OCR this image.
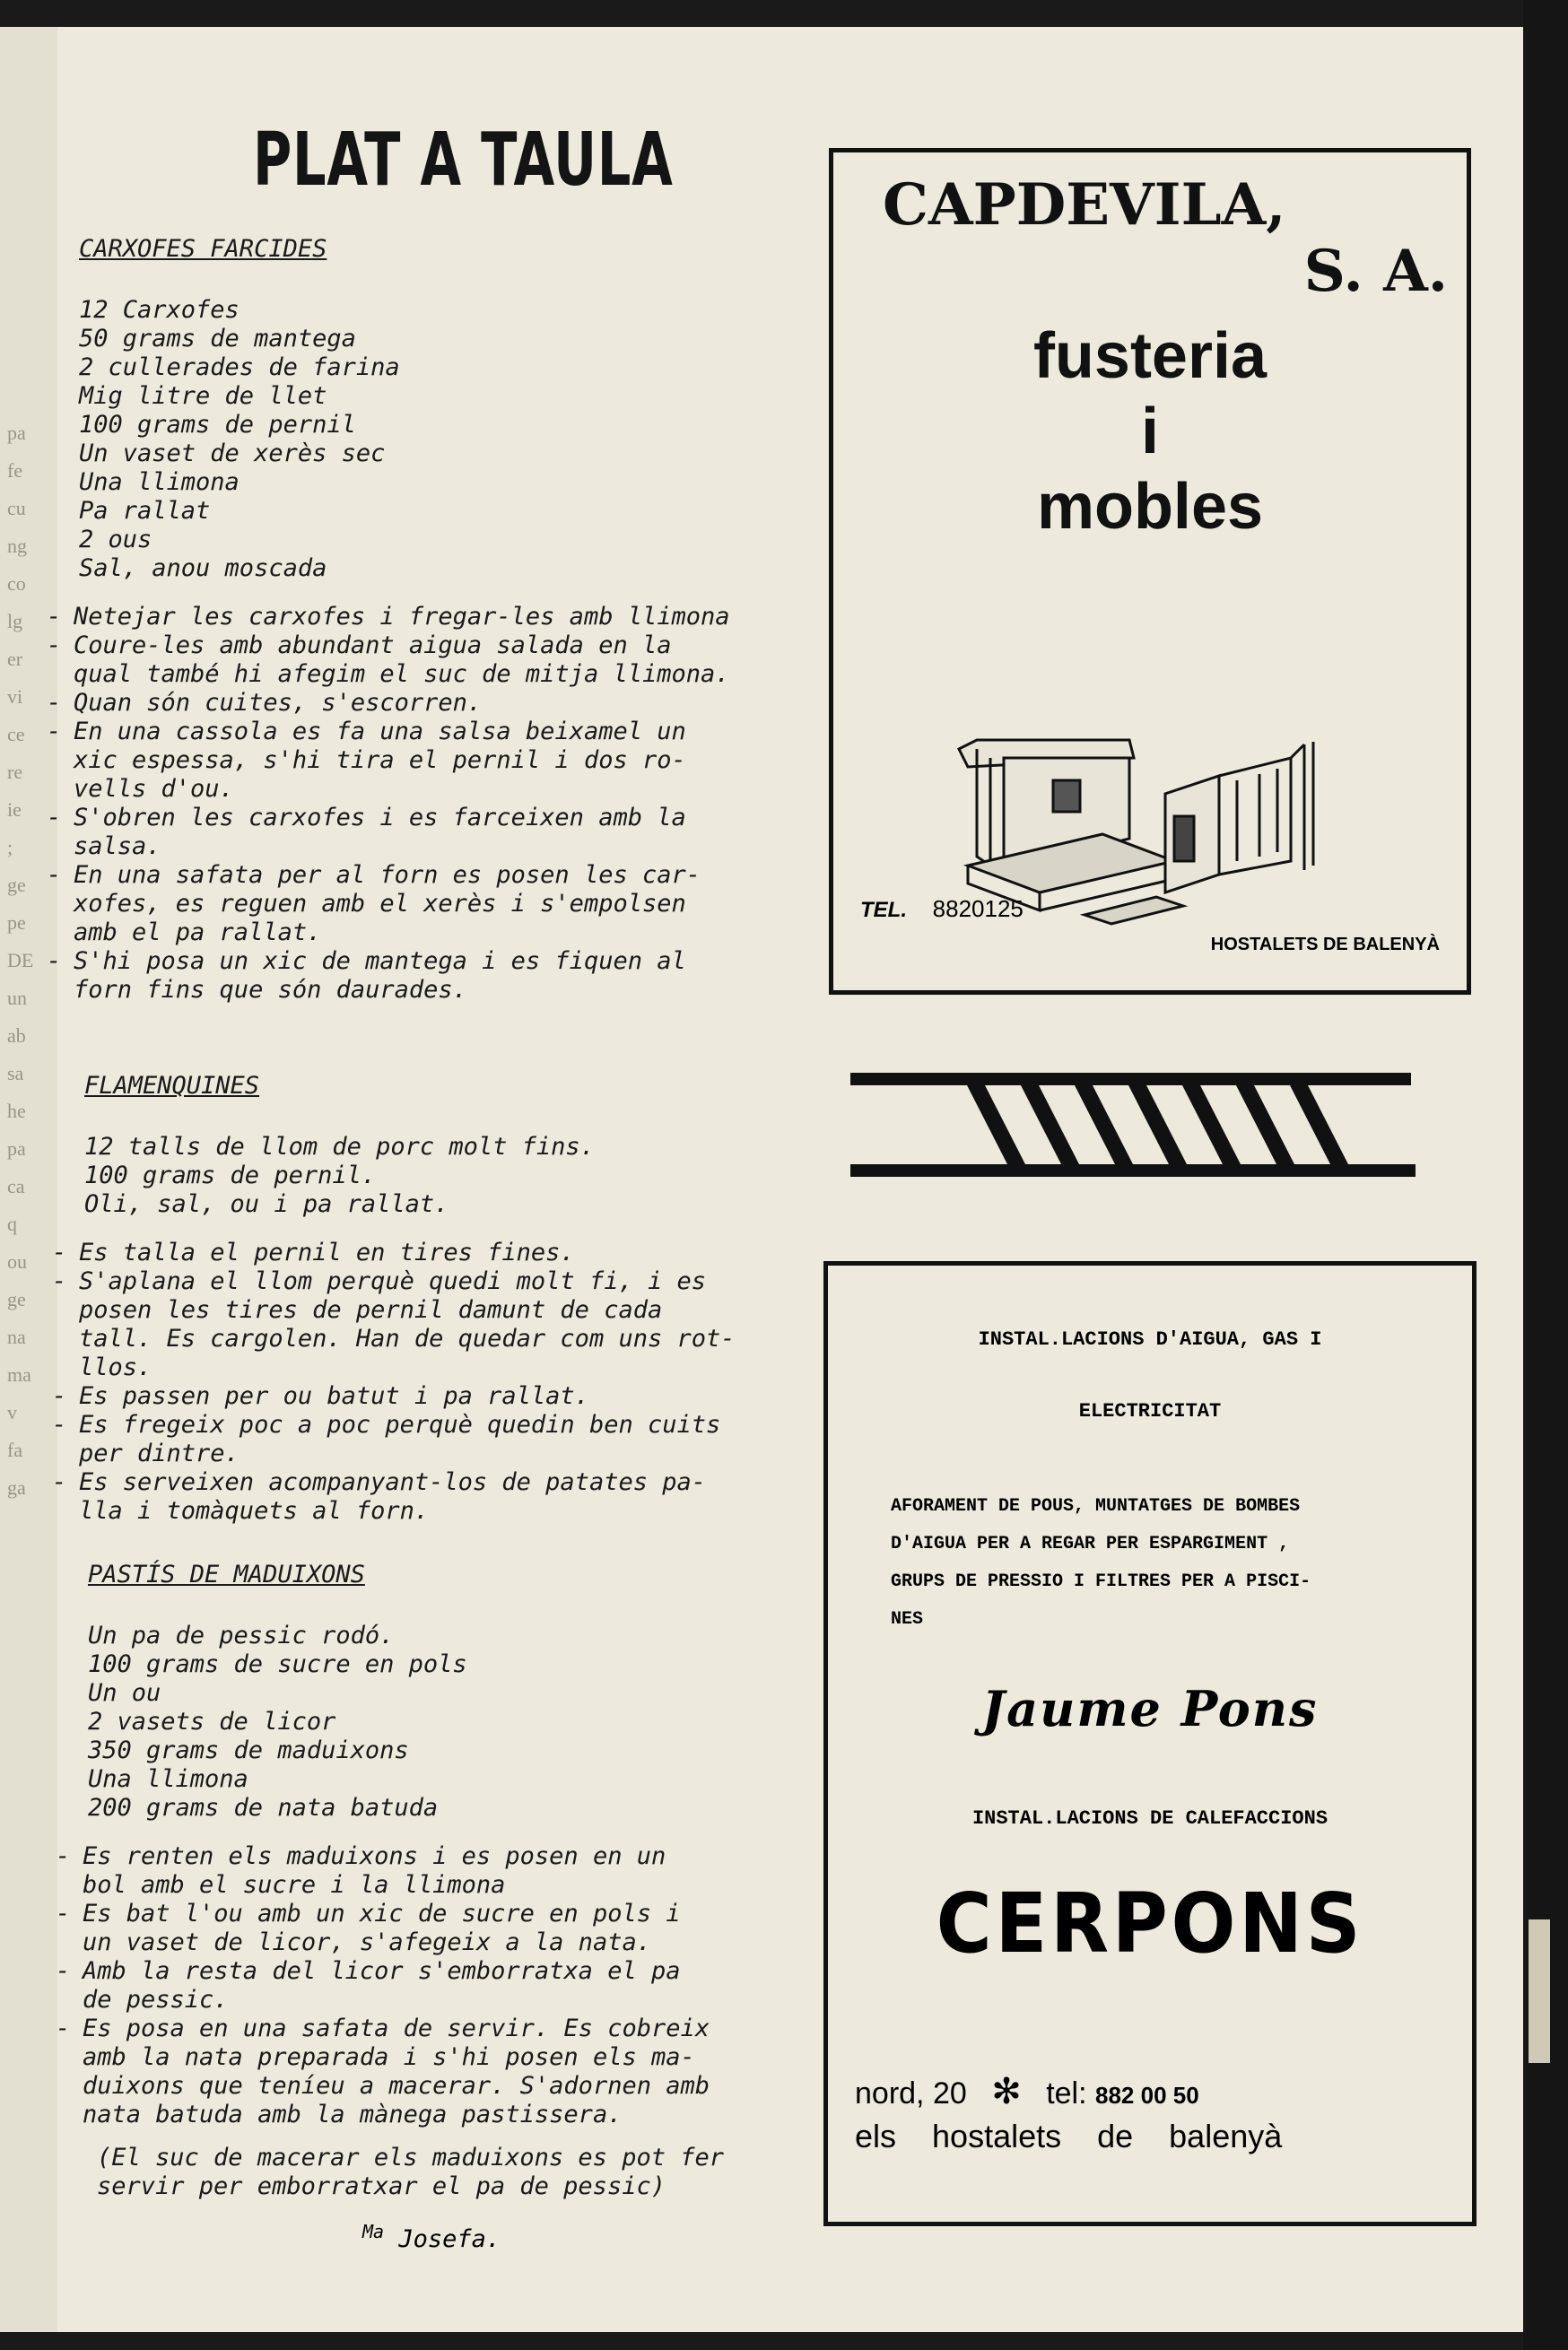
pa
fe
cu
ng
co
lg
er
vi
ce
re
ie
;
ge
pe
DE
un
ab
sa
he
pa
ca
q
ou
ge
na
ma
v
fa
ga
PLAT A TAULA
CARXOFES FARCIDES
12 Carxofes
50 grams de mantega
2 cullerades de farina
Mig litre de llet
100 grams de pernil
Un vaset de xerès sec
Una llimona
Pa rallat
2 ous
Sal, anou moscada
- Netejar les carxofes i fregar-les amb llimona
- Coure-les amb abundant aigua salada en la
qual també hi afegim el suc de mitja llimona.
- Quan són cuites, s'escorren.
- En una cassola es fa una salsa beixamel un
xic espessa, s'hi tira el pernil i dos ro-
vells d'ou.
- S'obren les carxofes i es farceixen amb la
salsa.
- En una safata per al forn es posen les car-
xofes, es reguen amb el xerès i s'empolsen
amb el pa rallat.
- S'hi posa un xic de mantega i es fiquen al
forn fins que són daurades.
FLAMENQUINES
12 talls de llom de porc molt fins.
100 grams de pernil.
Oli, sal, ou i pa rallat.
- Es talla el pernil en tires fines.
- S'aplana el llom perquè quedi molt fi, i es
posen les tires de pernil damunt de cada
tall. Es cargolen. Han de quedar com uns rot-
llos.
- Es passen per ou batut i pa rallat.
- Es fregeix poc a poc perquè quedin ben cuits
per dintre.
- Es serveixen acompanyant-los de patates pa-
lla i tomàquets al forn.
PASTÍS DE MADUIXONS
Un pa de pessic rodó.
100 grams de sucre en pols
Un ou
2 vasets de licor
350 grams de maduixons
Una llimona
200 grams de nata batuda
- Es renten els maduixons i es posen en un
bol amb el sucre i la llimona
- Es bat l'ou amb un xic de sucre en pols i
un vaset de licor, s'afegeix a la nata.
- Amb la resta del licor s'emborratxa el pa
de pessic.
- Es posa en una safata de servir. Es cobreix
amb la nata preparada i s'hi posen els ma-
duixons que teníeu a macerar. S'adornen amb
nata batuda amb la mànega pastissera.
(El suc de macerar els maduixons es pot fer
servir per emborratxar el pa de pessic)
$^{Ma}$ Josefa.
CAPDEVILA,
S. A.
fusteria
i
mobles
TEL. 8820125
HOSTALETS DE BALENYÀ
INSTAL.LACIONS D'AIGUA, GAS I
ELECTRICITAT
AFORAMENT DE POUS, MUNTATGES DE BOMBES
D'AIGUA PER A REGAR PER ESPARGIMENT ,
GRUPS DE PRESSIO I FILTRES PER A PISCI-
NES
Jaume Pons
INSTAL.LACIONS DE CALEFACCIONS
CERPONS
nord, 20 ✻ tel: 882 00 50
els hostalets de balenyà
